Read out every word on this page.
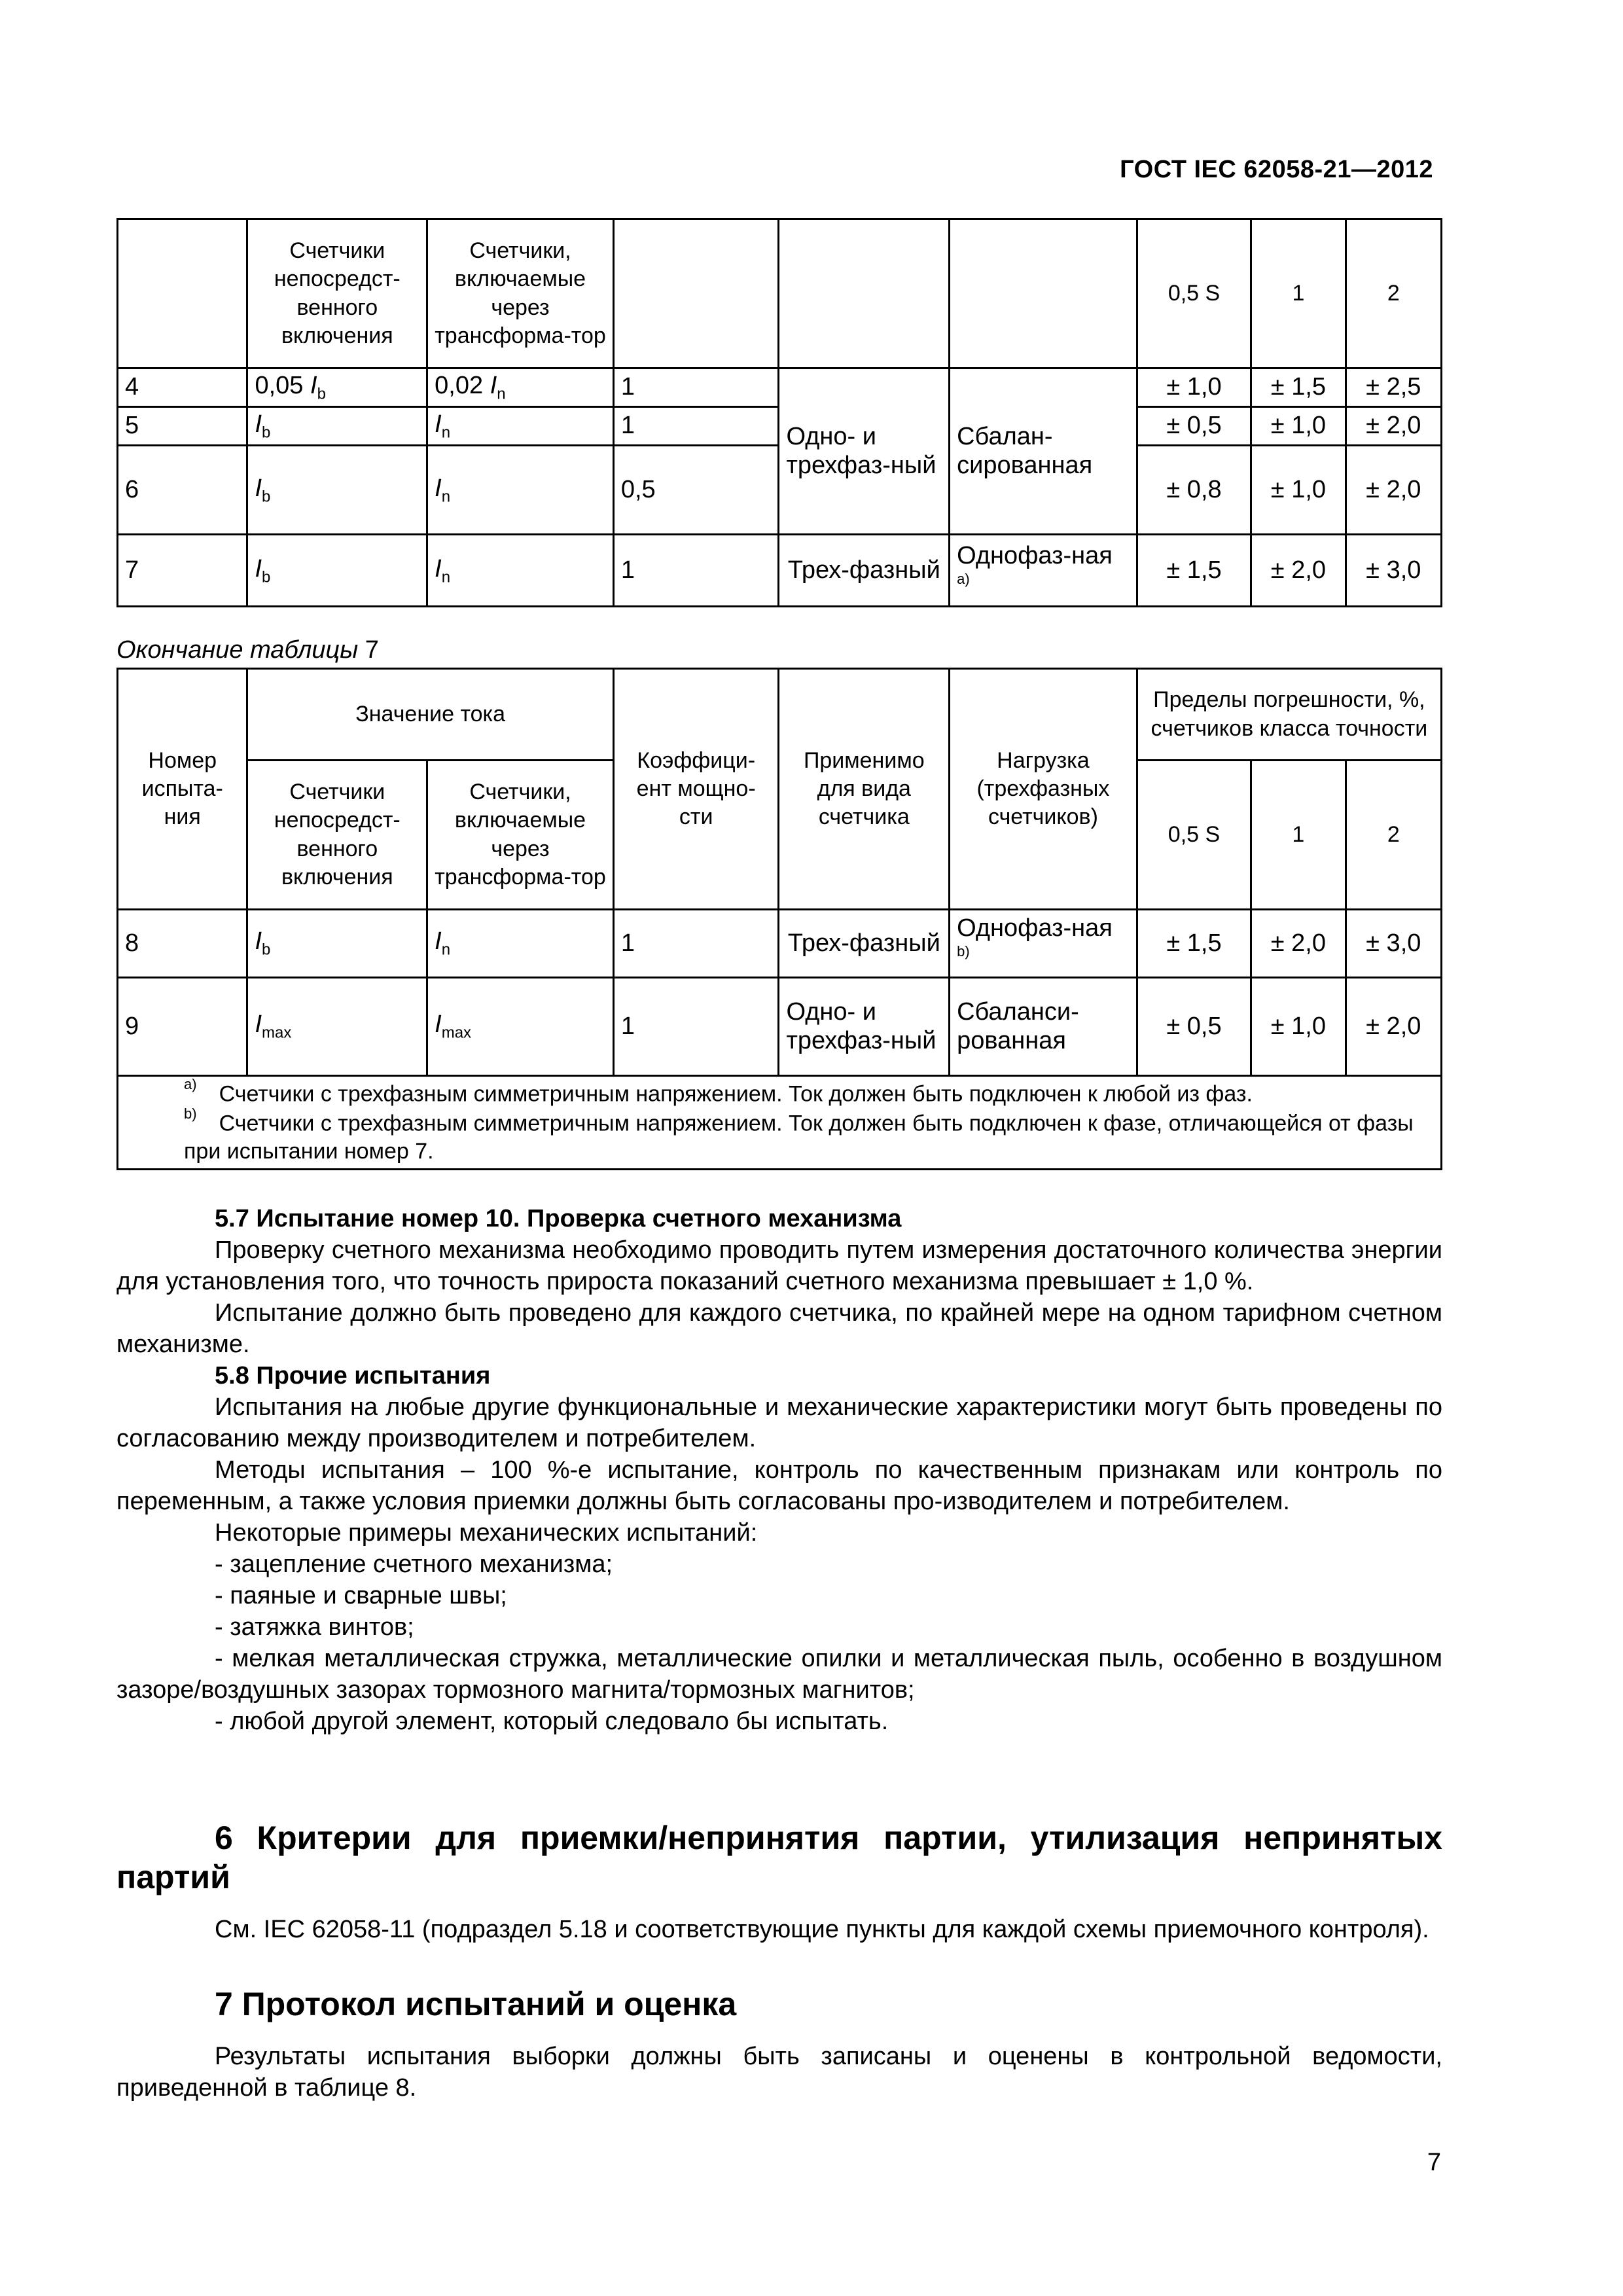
ГОСТ IEC 62058-21—2012
	Счетчики непосредст-венного включения	Счетчики, включаемые через трансформа-тор				0,5 S	1	2
4	0,05 $I_b$	0,02 $I_n$	1	Одно- и трехфаз-ный	Сбалан-сированная	± 1,0	± 1,5	± 2,5
5	$I_b$	$I_n$	1			± 0,5	± 1,0	± 2,0
6	$I_b$	$I_n$	0,5			± 0,8	± 1,0	± 2,0
7	$I_b$	$I_n$	1	Трех-фазный	Однофаз-ная $^{a)}$	± 1,5	± 2,0	± 3,0
Окончание таблицы 7
Номер испыта-ния	Значение тока		Коэффици-ент мощно-сти	Применимо для вида счетчика	Нагрузка (трехфазных счетчиков)	Пределы погрешности, %, счетчиков класса точности		
	Счетчики непосредст-венного включения	Счетчики, включаемые через трансформа-тор				0,5 S	1	2
8	$I_b$	$I_n$	1	Трех-фазный	Однофаз-ная $^{b)}$	± 1,5	± 2,0	± 3,0
9	$I_{max}$	$I_{max}$	1	Одно- и трехфаз-ный	Сбаланси-рованная	± 0,5	± 1,0	± 2,0

$^{a)}$ Счетчики с трехфазным симметричным напряжением. Ток должен быть подключен к любой из фаз.
$^{b)}$ Счетчики с трехфазным симметричным напряжением. Ток должен быть подключен к фазе, отличающейся от фазы при испытании номер 7.								

5.7 Испытание номер 10. Проверка счетного механизма

Проверку счетного механизма необходимо проводить путем измерения достаточного количества энергии для установления того, что точность прироста показаний счетного механизма превышает ± 1,0 %.

Испытание должно быть проведено для каждого счетчика, по крайней мере на одном тарифном счетном механизме.

5.8 Прочие испытания

Испытания на любые другие функциональные и механические характеристики могут быть проведены по согласованию между производителем и потребителем.

Методы испытания – 100 %-е испытание, контроль по качественным признакам или контроль по переменным, а также условия приемки должны быть согласованы про-изводителем и потребителем.

Некоторые примеры механических испытаний:

- зацепление счетного механизма;

- паяные и сварные швы;

- затяжка винтов;

- мелкая металлическая стружка, металлические опилки и металлическая пыль, особенно в воздушном зазоре/воздушных зазорах тормозного магнита/тормозных магнитов;

- любой другой элемент, который следовало бы испытать.

6 Критерии для приемки/непринятия партии, утилизация непринятых партий

См. IEC 62058-11 (подраздел 5.18 и соответствующие пункты для каждой схемы приемочного контроля).

7 Протокол испытаний и оценка

Результаты испытания выборки должны быть записаны и оценены в контрольной ведомости, приведенной в таблице 8.

7
